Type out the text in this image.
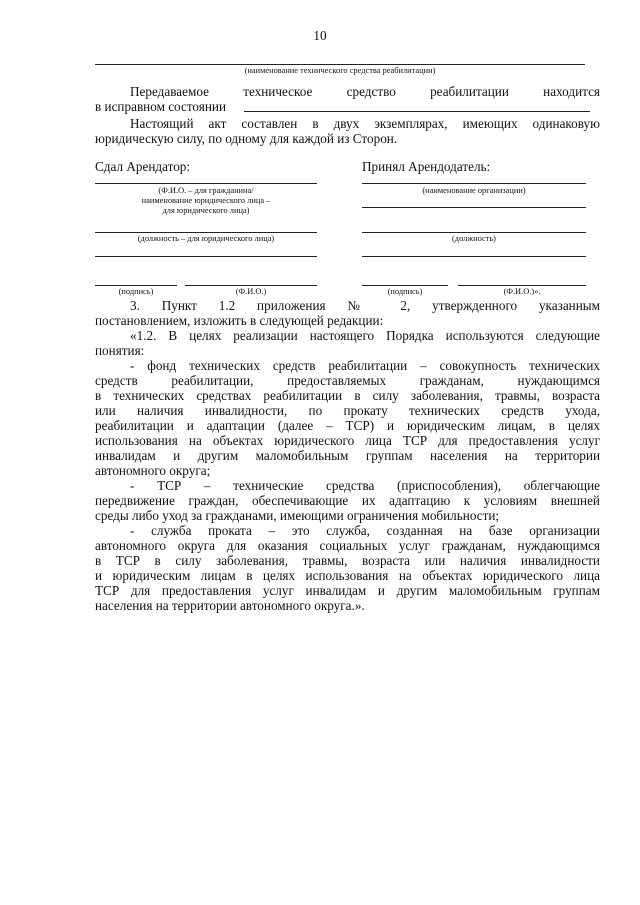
10
(наименование технического средства реабилитации)
Передаваемое техническое средство реабилитации находится
в исправном состоянии
Настоящий акт составлен в двух экземплярах, имеющих одинаковую
юридическую силу, по одному для каждой из Сторон.
Сдал Арендатор:
(Ф.И.О. – для гражданина/
наименование юридического лица –
для юридического лица)
(должность – для юридического лица)
(подпись)	(Ф.И.О.)
Принял Арендодатель:
(наименование организации)
(должность)
(подпись)	(Ф.И.О.)».
3. Пункт 1.2 приложения № 2, утвержденного указанным
постановлением, изложить в следующей редакции:
«1.2. В целях реализации настоящего Порядка используются следующие
понятия:
- фонд технических средств реабилитации – совокупность технических
средств реабилитации, предоставляемых гражданам, нуждающимся
в технических средствах реабилитации в силу заболевания, травмы, возраста
или наличия инвалидности, по прокату технических средств ухода,
реабилитации и адаптации (далее – ТСР) и юридическим лицам, в целях
использования на объектах юридического лица ТСР для предоставления услуг
инвалидам и другим маломобильным группам населения на территории
автономного округа;
- ТСР – технические средства (приспособления), облегчающие
передвижение граждан, обеспечивающие их адаптацию к условиям внешней
среды либо уход за гражданами, имеющими ограничения мобильности;
- служба проката – это служба, созданная на базе организации
автономного округа для оказания социальных услуг гражданам, нуждающимся
в ТСР в силу заболевания, травмы, возраста или наличия инвалидности
и юридическим лицам в целях использования на объектах юридического лица
ТСР для предоставления услуг инвалидам и другим маломобильным группам
населения на территории автономного округа.».
